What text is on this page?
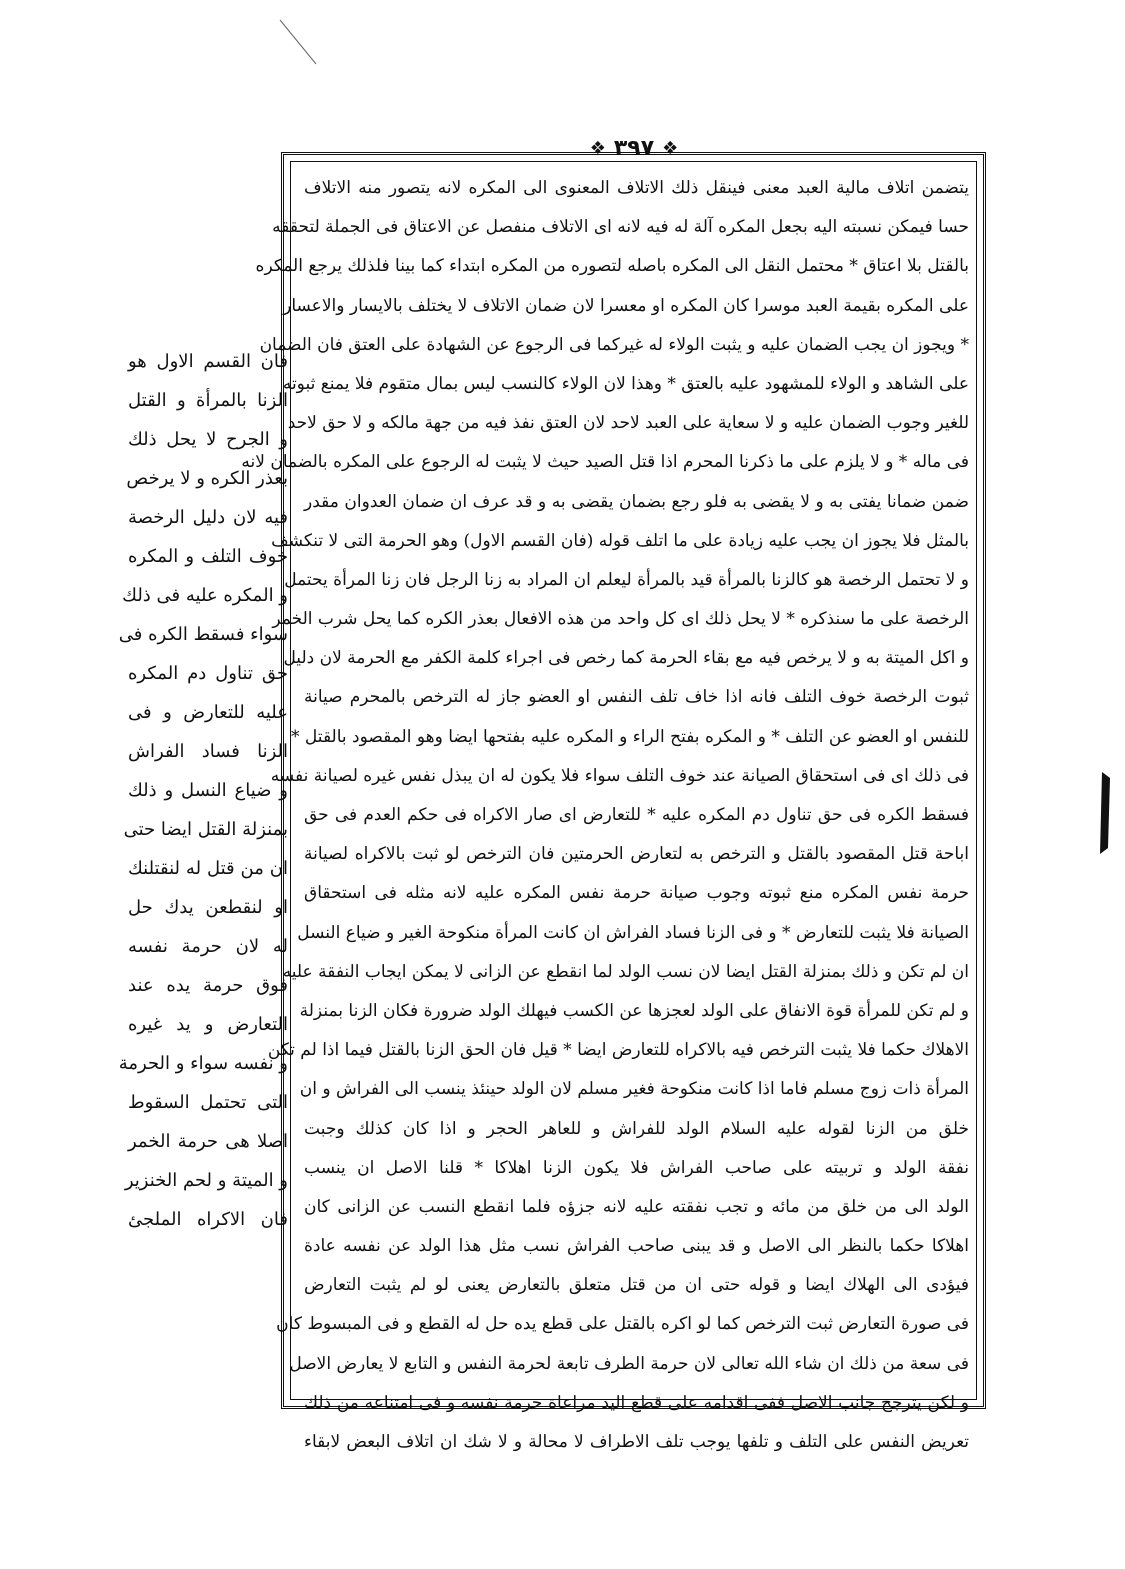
❖
٣٩٧
❖
يتضمن اتلاف مالية العبد معنى فينقل ذلك الاتلاف المعنوى الى المكره لانه يتصور منه الاتلاف
حسا فيمكن نسبته اليه بجعل المكره آلة له فيه لانه اى الاتلاف منفصل عن الاعتاق فى الجملة لتحققه
بالقتل بلا اعتاق * محتمل النقل الى المكره باصله لتصوره من المكره ابتداء كما بينا فلذلك يرجع المكره
على المكره بقيمة العبد موسرا كان المكره او معسرا لان ضمان الاتلاف لا يختلف بالايسار والاعسار
* ويجوز ان يجب الضمان عليه و يثبت الولاء له غيركما فى الرجوع عن الشهادة على العتق فان الضمان
على الشاهد و الولاء للمشهود عليه بالعتق * وهذا لان الولاء كالنسب ليس بمال متقوم فلا يمنع ثبوته
للغير وجوب الضمان عليه و لا سعاية على العبد لاحد لان العتق نفذ فيه من جهة مالكه و لا حق لاحد
فى ماله * و لا يلزم على ما ذكرنا المحرم اذا قتل الصيد حيث لا يثبت له الرجوع على المكره بالضمان لانه
ضمن ضمانا يفتى به و لا يقضى به فلو رجع بضمان يقضى به و قد عرف ان ضمان العدوان مقدر
بالمثل فلا يجوز ان يجب عليه زيادة على ما اتلف قوله (فان القسم الاول) وهو الحرمة التى لا تنكشف
و لا تحتمل الرخصة هو كالزنا بالمرأة قيد بالمرأة ليعلم ان المراد به زنا الرجل فان زنا المرأة يحتمل
الرخصة على ما سنذكره * لا يحل ذلك اى كل واحد من هذه الافعال بعذر الكره كما يحل شرب الخمر
و اكل الميتة به و لا يرخص فيه مع بقاء الحرمة كما رخص فى اجراء كلمة الكفر مع الحرمة لان دليل
ثبوت الرخصة خوف التلف فانه اذا خاف تلف النفس او العضو جاز له الترخص بالمحرم صيانة
للنفس او العضو عن التلف * و المكره بفتح الراء و المكره عليه بفتحها ايضا وهو المقصود بالقتل *
فى ذلك اى فى استحقاق الصيانة عند خوف التلف سواء فلا يكون له ان يبذل نفس غيره لصيانة نفسه
فسقط الكره فى حق تناول دم المكره عليه * للتعارض اى صار الاكراه فى حكم العدم فى حق
اباحة قتل المقصود بالقتل و الترخص به لتعارض الحرمتين فان الترخص لو ثبت بالاكراه لصيانة
حرمة نفس المكره منع ثبوته وجوب صيانة حرمة نفس المكره عليه لانه مثله فى استحقاق
الصيانة فلا يثبت للتعارض * و فى الزنا فساد الفراش ان كانت المرأة منكوحة الغير و ضياع النسل
ان لم تكن و ذلك بمنزلة القتل ايضا لان نسب الولد لما انقطع عن الزانى لا يمكن ايجاب النفقة عليه
و لم تكن للمرأة قوة الانفاق على الولد لعجزها عن الكسب فيهلك الولد ضرورة فكان الزنا بمنزلة
الاهلاك حكما فلا يثبت الترخص فيه بالاكراه للتعارض ايضا * قيل فان الحق الزنا بالقتل فيما اذا لم تكن
المرأة ذات زوج مسلم فاما اذا كانت منكوحة فغير مسلم لان الولد حينئذ ينسب الى الفراش و ان
خلق من الزنا لقوله عليه السلام الولد للفراش و للعاهر الحجر و اذا كان كذلك وجبت
نفقة الولد و تربيته على صاحب الفراش فلا يكون الزنا اهلاكا * قلنا الاصل ان ينسب
الولد الى من خلق من مائه و تجب نفقته عليه لانه جزؤه فلما انقطع النسب عن الزانى كان
اهلاكا حكما بالنظر الى الاصل و قد يبنى صاحب الفراش نسب مثل هذا الولد عن نفسه عادة
فيؤدى الى الهلاك ايضا و قوله حتى ان من قتل متعلق بالتعارض يعنى لو لم يثبت التعارض
فى صورة التعارض ثبت الترخص كما لو اكره بالقتل على قطع يده حل له القطع و فى المبسوط كان
فى سعة من ذلك ان شاء الله تعالى لان حرمة الطرف تابعة لحرمة النفس و التابع لا يعارض الاصل
و لكن يترجح جانب الاصل ففى اقدامه على قطع اليد مراعاة حرمة نفسه و فى امتناعه من ذلك
تعريض النفس على التلف و تلفها يوجب تلف الاطراف لا محالة و لا شك ان اتلاف البعض لابقاء
فان القسم الاول هو
الزنا بالمرأة و القتل
و الجرح لا يحل ذلك
بعذر الكره و لا يرخص
فيه لان دليل الرخصة
خوف التلف و المكره
و المكره عليه فى ذلك
سواء فسقط الكره فى
حق تناول دم المكره
عليه للتعارض و فى
الزنا فساد الفراش
و ضياع النسل و ذلك
بمنزلة القتل ايضا حتى
ان من قتل له لنقتلنك
او لنقطعن يدك حل
له لان حرمة نفسه
فوق حرمة يده عند
التعارض و يد غيره
و نفسه سواء و الحرمة
التى تحتمل السقوط
اصلا هى حرمة الخمر
و الميتة و لحم الخنزير
فان الاكراه الملجئ
